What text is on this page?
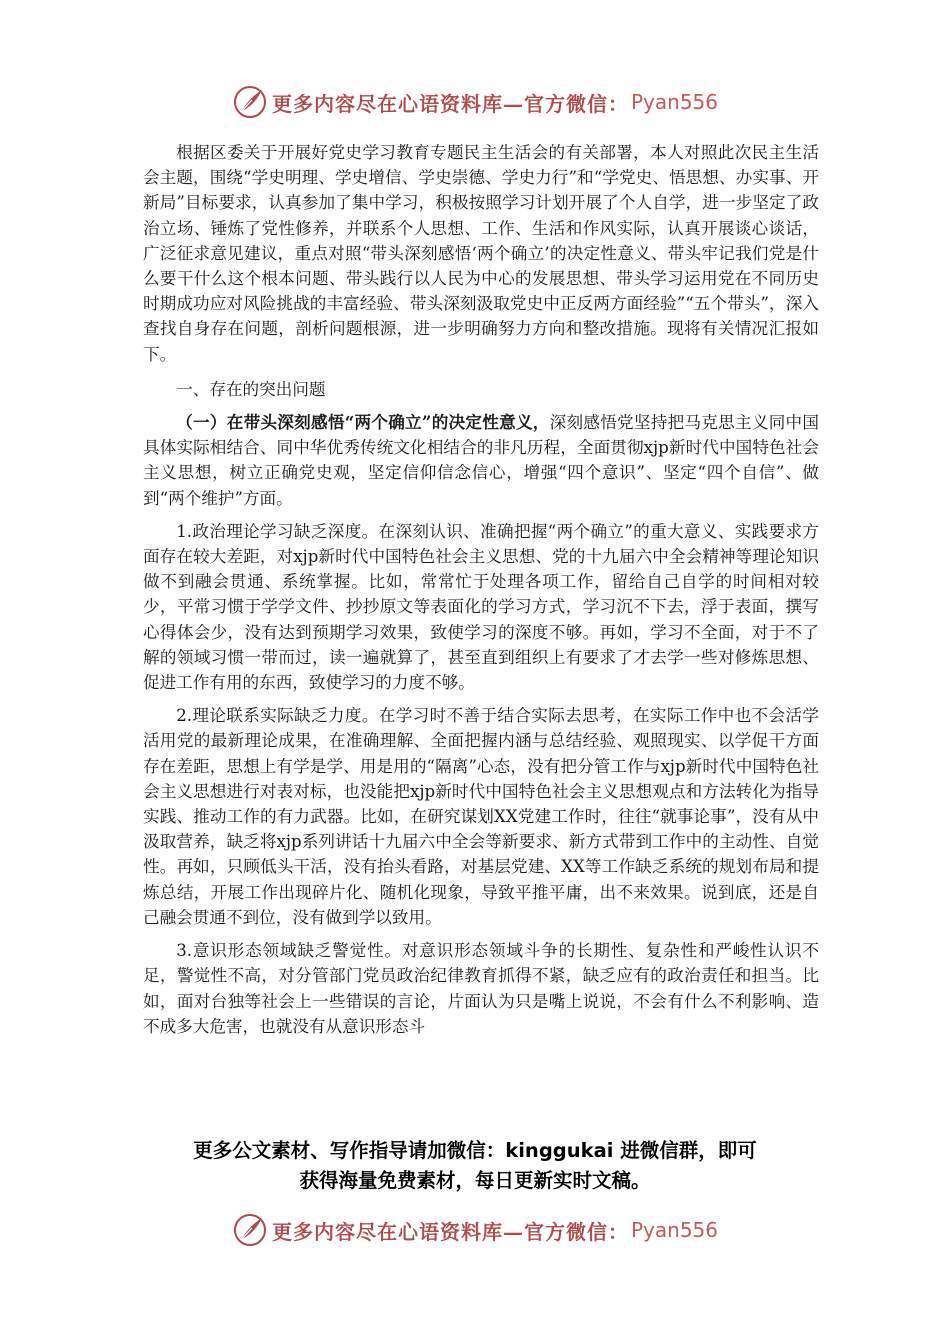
更多内容尽在心语资料库—官方微信： Pyan556

根据区委关于开展好党史学习教育专题民主生活会的有关部署，本人对照此次民主生活会主题，围绕“学史明理、学史增信、学史崇德、学史力行”和“学党史、悟思想、办实事、开新局”目标要求，认真参加了集中学习，积极按照学习计划开展了个人自学，进一步坚定了政治立场、锤炼了党性修养，并联系个人思想、工作、生活和作风实际，认真开展谈心谈话，广泛征求意见建议，重点对照“带头深刻感悟‘两个确立’的决定性意义、带头牢记我们党是什么要干什么这个根本问题、带头践行以人民为中心的发展思想、带头学习运用党在不同历史时期成功应对风险挑战的丰富经验、带头深刻汲取党史中正反两方面经验”“五个带头”，深入查找自身存在问题，剖析问题根源，进一步明确努力方向和整改措施。现将有关情况汇报如下。

一、存在的突出问题

（一）在带头深刻感悟“两个确立”的决定性意义，深刻感悟党坚持把马克思主义同中国具体实际相结合、同中华优秀传统文化相结合的非凡历程，全面贯彻xjp新时代中国特色社会主义思想，树立正确党史观，坚定信仰信念信心，增强“四个意识”、坚定“四个自信”、做到“两个维护”方面。

1.政治理论学习缺乏深度。在深刻认识、准确把握“两个确立”的重大意义、实践要求方面存在较大差距，对xjp新时代中国特色社会主义思想、党的十九届六中全会精神等理论知识做不到融会贯通、系统掌握。比如，常常忙于处理各项工作，留给自己自学的时间相对较少，平常习惯于学学文件、抄抄原文等表面化的学习方式，学习沉不下去，浮于表面，撰写心得体会少，没有达到预期学习效果，致使学习的深度不够。再如，学习不全面，对于不了解的领域习惯一带而过，读一遍就算了，甚至直到组织上有要求了才去学一些对修炼思想、促进工作有用的东西，致使学习的力度不够。

2.理论联系实际缺乏力度。在学习时不善于结合实际去思考，在实际工作中也不会活学活用党的最新理论成果，在准确理解、全面把握内涵与总结经验、观照现实、以学促干方面存在差距，思想上有学是学、用是用的“隔离”心态，没有把分管工作与xjp新时代中国特色社会主义思想进行对表对标，也没能把xjp新时代中国特色社会主义思想观点和方法转化为指导实践、推动工作的有力武器。比如，在研究谋划XX党建工作时，往往“就事论事”，没有从中汲取营养，缺乏将xjp系列讲话十九届六中全会等新要求、新方式带到工作中的主动性、自觉性。再如，只顾低头干活，没有抬头看路，对基层党建、XX等工作缺乏系统的规划布局和提炼总结，开展工作出现碎片化、随机化现象，导致平推平庸，出不来效果。说到底，还是自己融会贯通不到位，没有做到学以致用。

3.意识形态领域缺乏警觉性。对意识形态领域斗争的长期性、复杂性和严峻性认识不足，警觉性不高，对分管部门党员政治纪律教育抓得不紧，缺乏应有的政治责任和担当。比如，面对台独等社会上一些错误的言论，片面认为只是嘴上说说，不会有什么不利影响、造不成多大危害，也就没有从意识形态斗

更多公文素材、写作指导请加微信：kinggukai 进微信群，即可
获得海量免费素材，每日更新实时文稿。
更多内容尽在心语资料库—官方微信： Pyan556
